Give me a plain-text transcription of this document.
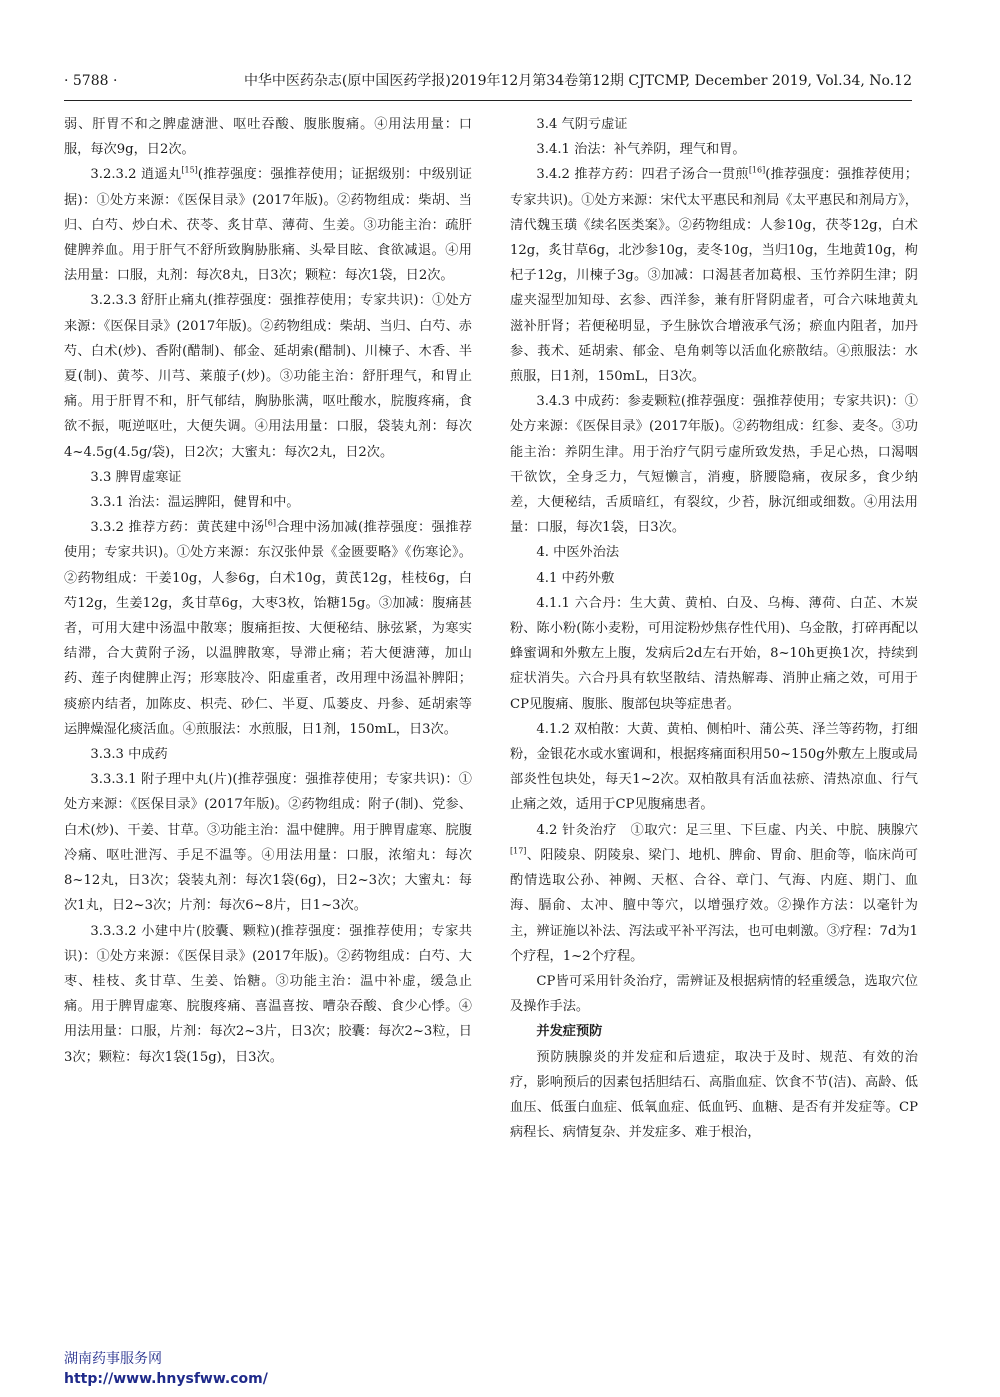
· 5788 ·	中华中医药杂志(原中国医药学报)2019年12月第34卷第12期 CJTCMP, December 2019, Vol.34, No.12

弱、肝胃不和之脾虚溏泄、呕吐吞酸、腹胀腹痛。④用法用量：口服，每次9g，日2次。

3.2.3.2 逍遥丸[15](推荐强度：强推荐使用；证据级别：中级别证据)：①处方来源：《医保目录》(2017年版)。②药物组成：柴胡、当归、白芍、炒白术、茯苓、炙甘草、薄荷、生姜。③功能主治：疏肝健脾养血。用于肝气不舒所致胸胁胀痛、头晕目眩、食欲减退。④用法用量：口服，丸剂：每次8丸，日3次；颗粒：每次1袋，日2次。

3.2.3.3 舒肝止痛丸(推荐强度：强推荐使用；专家共识)：①处方来源：《医保目录》(2017年版)。②药物组成：柴胡、当归、白芍、赤芍、白术(炒)、香附(醋制)、郁金、延胡索(醋制)、川楝子、木香、半夏(制)、黄芩、川芎、莱菔子(炒)。③功能主治：舒肝理气，和胃止痛。用于肝胃不和，肝气郁结，胸胁胀满，呕吐酸水，脘腹疼痛，食欲不振，呃逆呕吐，大便失调。④用法用量：口服，袋装丸剂：每次4~4.5g(4.5g/袋)，日2次；大蜜丸：每次2丸，日2次。

3.3 脾胃虚寒证

3.3.1 治法：温运脾阳，健胃和中。

3.3.2 推荐方药：黄芪建中汤[6]合理中汤加减(推荐强度：强推荐使用；专家共识)。①处方来源：东汉张仲景《金匮要略》《伤寒论》。②药物组成：干姜10g，人参6g，白术10g，黄芪12g，桂枝6g，白芍12g，生姜12g，炙甘草6g，大枣3枚，饴糖15g。③加减：腹痛甚者，可用大建中汤温中散寒；腹痛拒按、大便秘结、脉弦紧，为寒实结滞，合大黄附子汤，以温脾散寒，导滞止痛；若大便溏薄，加山药、莲子肉健脾止泻；形寒肢冷、阳虚重者，改用理中汤温补脾阳；痰瘀内结者，加陈皮、枳壳、砂仁、半夏、瓜蒌皮、丹参、延胡索等运脾燥湿化痰活血。④煎服法：水煎服，日1剂，150mL，日3次。

3.3.3 中成药

3.3.3.1 附子理中丸(片)(推荐强度：强推荐使用；专家共识)：①处方来源：《医保目录》(2017年版)。②药物组成：附子(制)、党参、白术(炒)、干姜、甘草。③功能主治：温中健脾。用于脾胃虚寒、脘腹冷痛、呕吐泄泻、手足不温等。④用法用量：口服，浓缩丸：每次8~12丸，日3次；袋装丸剂：每次1袋(6g)，日2~3次；大蜜丸：每次1丸，日2~3次；片剂：每次6~8片，日1~3次。

3.3.3.2 小建中片(胶囊、颗粒)(推荐强度：强推荐使用；专家共识)：①处方来源：《医保目录》(2017年版)。②药物组成：白芍、大枣、桂枝、炙甘草、生姜、饴糖。③功能主治：温中补虚，缓急止痛。用于脾胃虚寒、脘腹疼痛、喜温喜按、嘈杂吞酸、食少心悸。④用法用量：口服，片剂：每次2~3片，日3次；胶囊：每次2~3粒，日3次；颗粒：每次1袋(15g)，日3次。

3.4 气阴亏虚证

3.4.1 治法：补气养阴，理气和胃。

3.4.2 推荐方药：四君子汤合一贯煎[16](推荐强度：强推荐使用；专家共识)。①处方来源：宋代太平惠民和剂局《太平惠民和剂局方》，清代魏玉璜《续名医类案》。②药物组成：人参10g，茯苓12g，白术12g，炙甘草6g，北沙参10g，麦冬10g，当归10g，生地黄10g，枸杞子12g，川楝子3g。③加减：口渴甚者加葛根、玉竹养阴生津；阴虚夹湿型加知母、玄参、西洋参，兼有肝肾阴虚者，可合六味地黄丸滋补肝肾；若便秘明显，予生脉饮合增液承气汤；瘀血内阻者，加丹参、莪术、延胡索、郁金、皂角刺等以活血化瘀散结。④煎服法：水煎服，日1剂，150mL，日3次。

3.4.3 中成药：参麦颗粒(推荐强度：强推荐使用；专家共识)：①处方来源：《医保目录》(2017年版)。②药物组成：红参、麦冬。③功能主治：养阴生津。用于治疗气阴亏虚所致发热，手足心热，口渴咽干欲饮，全身乏力，气短懒言，消瘦，脐腰隐痛，夜尿多，食少纳差，大便秘结，舌质暗红，有裂纹，少苔，脉沉细或细数。④用法用量：口服，每次1袋，日3次。

4. 中医外治法

4.1 中药外敷

4.1.1 六合丹：生大黄、黄柏、白及、乌梅、薄荷、白芷、木炭粉、陈小粉(陈小麦粉，可用淀粉炒焦存性代用)、乌金散，打碎再配以蜂蜜调和外敷左上腹，发病后2d左右开始，8~10h更换1次，持续到症状消失。六合丹具有软坚散结、清热解毒、消肿止痛之效，可用于CP见腹痛、腹胀、腹部包块等症患者。

4.1.2 双柏散：大黄、黄柏、侧柏叶、蒲公英、泽兰等药物，打细粉，金银花水或水蜜调和，根据疼痛面积用50~150g外敷左上腹或局部炎性包块处，每天1~2次。双柏散具有活血祛瘀、清热凉血、行气止痛之效，适用于CP见腹痛患者。

4.2 针灸治疗　①取穴：足三里、下巨虚、内关、中脘、胰腺穴[17]、阳陵泉、阴陵泉、梁门、地机、脾俞、胃俞、胆俞等，临床尚可酌情选取公孙、神阙、天枢、合谷、章门、气海、内庭、期门、血海、膈俞、太冲、膻中等穴，以增强疗效。②操作方法：以毫针为主，辨证施以补法、泻法或平补平泻法，也可电刺激。③疗程：7d为1个疗程，1~2个疗程。

CP皆可采用针灸治疗，需辨证及根据病情的轻重缓急，选取穴位及操作手法。

并发症预防

预防胰腺炎的并发症和后遗症，取决于及时、规范、有效的治疗，影响预后的因素包括胆结石、高脂血症、饮食不节(洁)、高龄、低血压、低蛋白血症、低氧血症、低血钙、血糖、是否有并发症等。CP病程长、病情复杂、并发症多、难于根治，

湖南药事服务网
http://www.hnysfww.com/
